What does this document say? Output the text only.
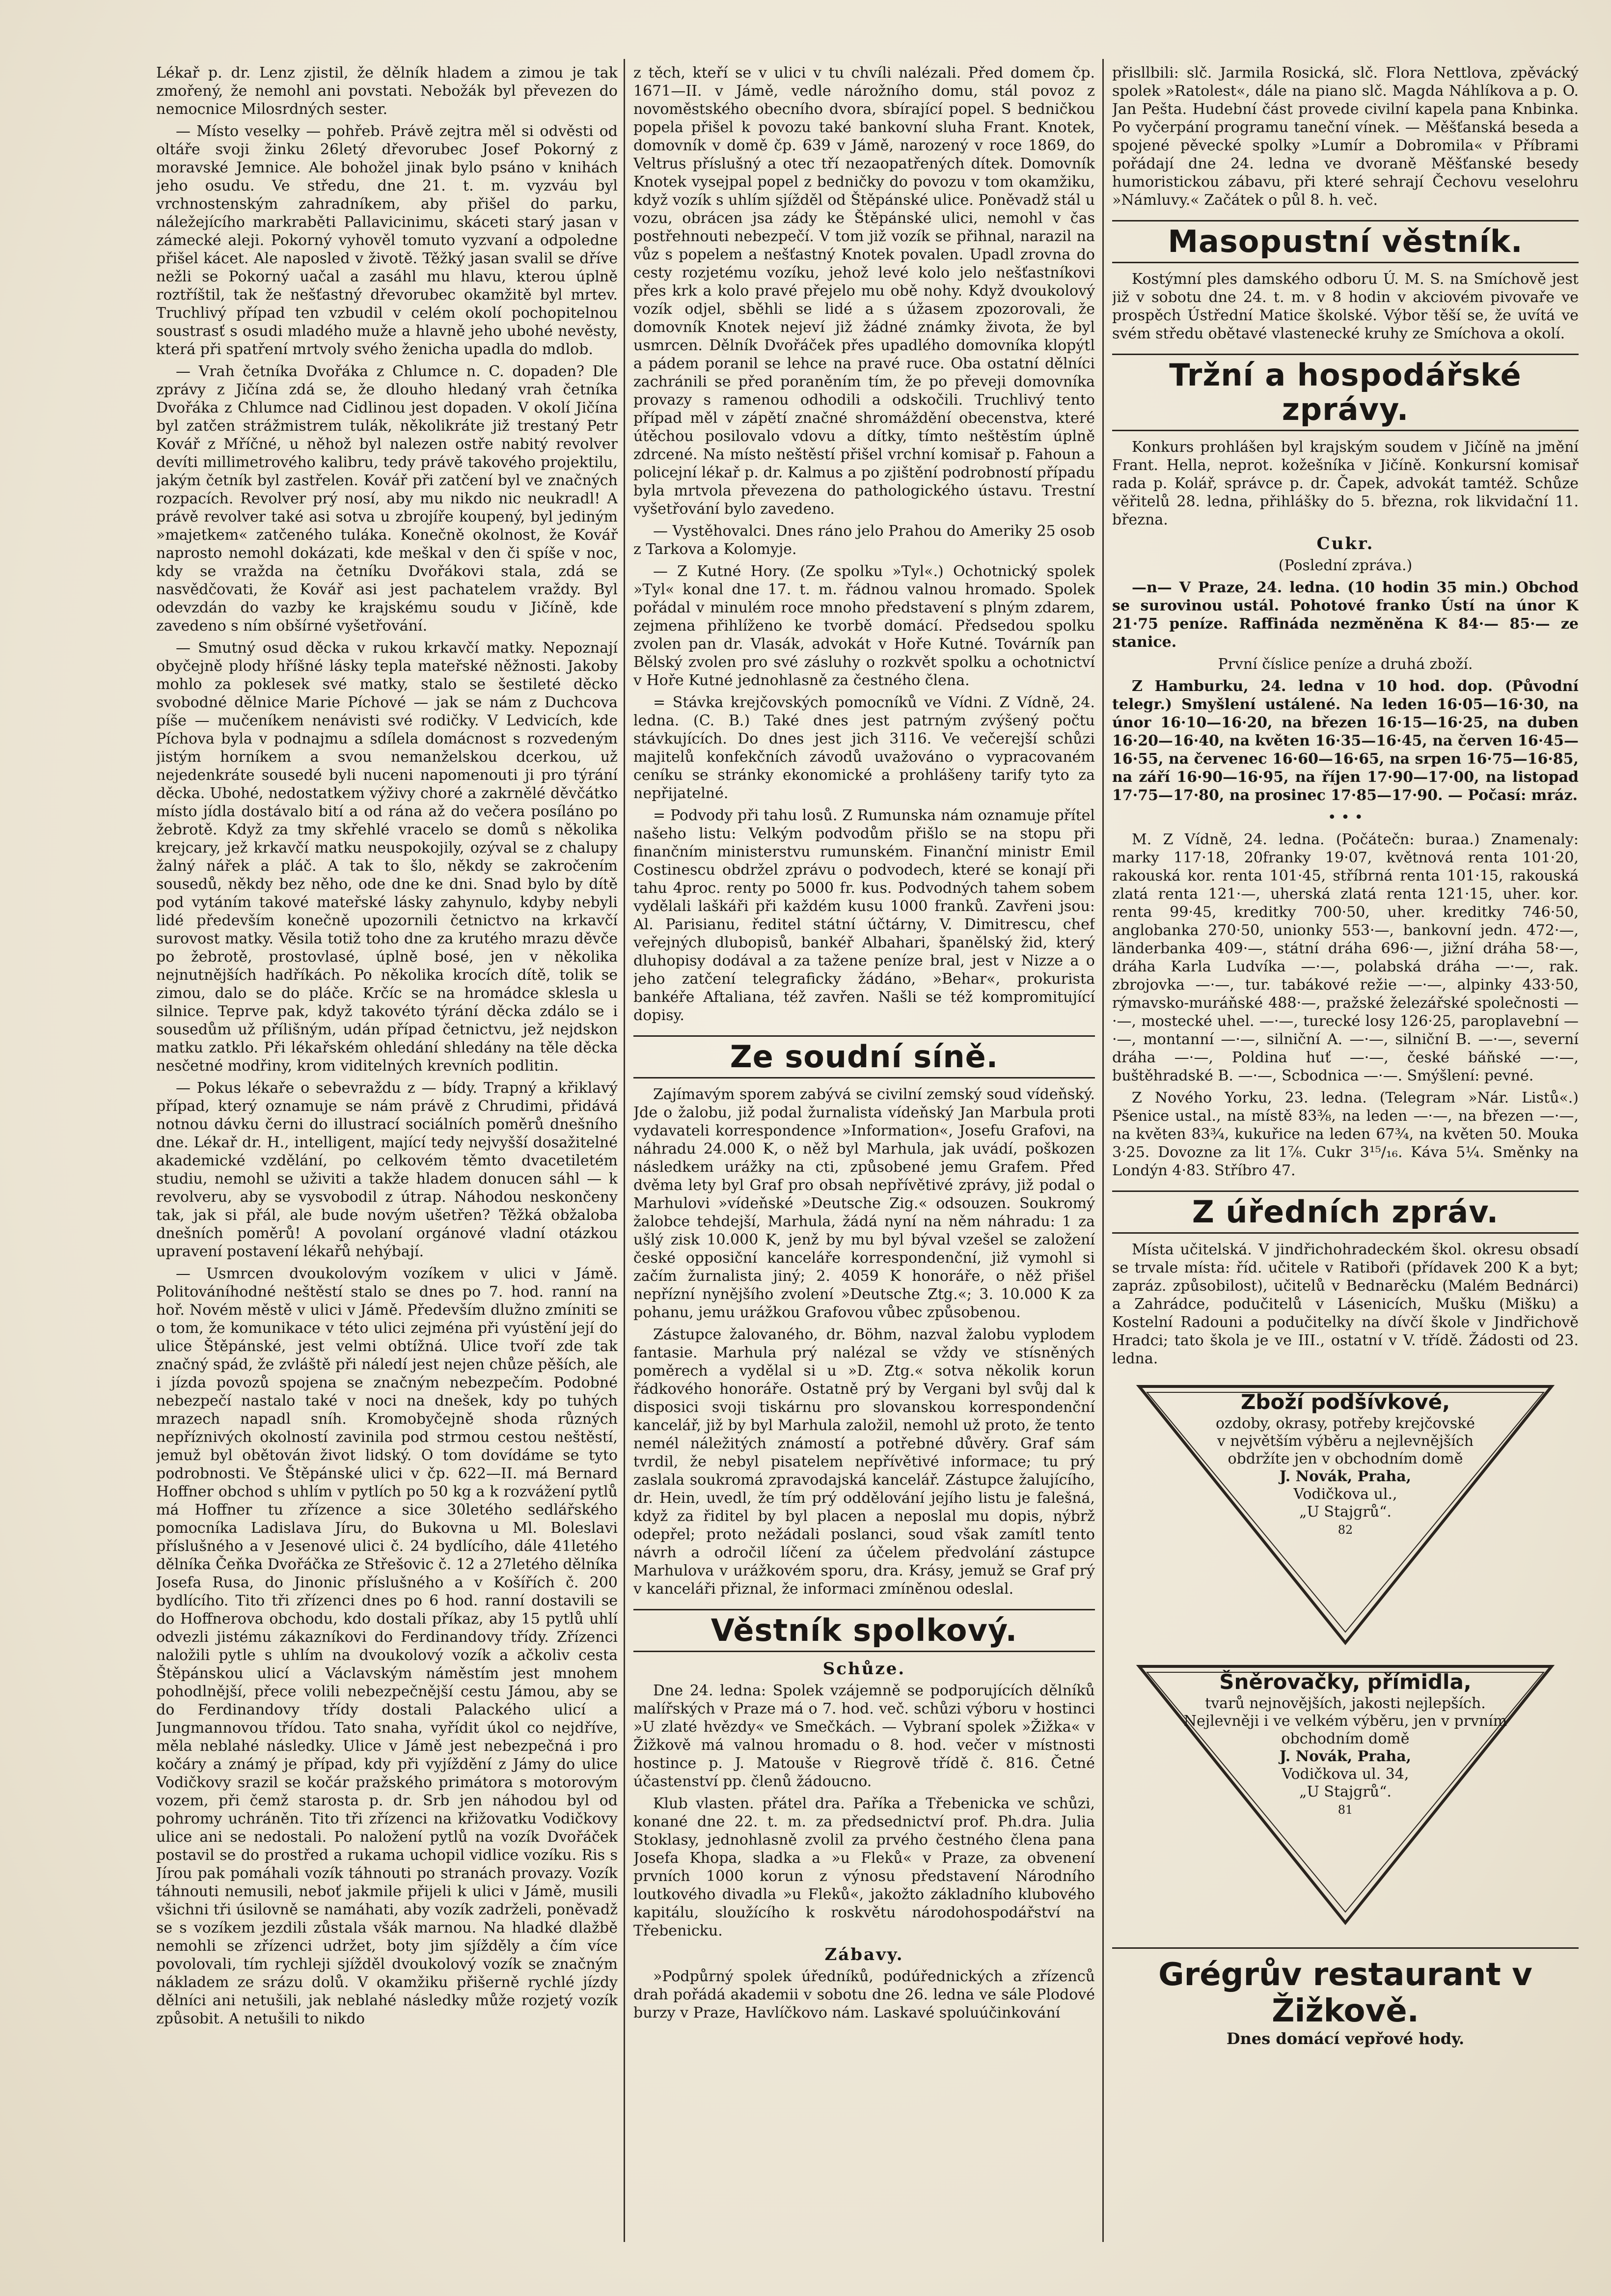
Lékař p. dr. Lenz zjistil, že dělník hladem a zimou je tak zmořený, že nemohl ani povstati. Nebožák byl převezen do nemocnice Milosrdných sester.

— Místo veselky — pohřeb. Právě zejtra měl si odvěsti od oltáře svoji žinku 26letý dřevorubec Josef Pokorný z moravské Jemnice. Ale bohožel jinak bylo psáno v knihách jeho osudu. Ve středu, dne 21. t. m. vyzváu byl vrchnostenským zahradníkem, aby přišel do parku, náležejícího markraběti Pallavicinimu, skáceti starý jasan v zámecké aleji. Pokorný vyhověl tomuto vyzvaní a odpoledne přišel kácet. Ale naposled v životě. Těžký jasan svalil se dříve nežli se Pokorný uačal a zasáhl mu hlavu, kterou úplně roztříštil, tak že nešťastný dřevorubec okamžitě byl mrtev. Truchlivý případ ten vzbudil v celém okolí pochopitelnou soustrasť s osudi mladého muže a hlavně jeho ubohé nevěsty, která při spatření mrtvoly svého ženicha upadla do mdlob.

— Vrah četníka Dvořáka z Chlumce n. C. dopaden? Dle zprávy z Jičína zdá se, že dlouho hledaný vrah četníka Dvořáka z Chlumce nad Cidlinou jest dopaden. V okolí Jičína byl zatčen strážmistrem tulák, několikráte již trestaný Petr Kovář z Mříčné, u něhož byl nalezen ostře nabitý revolver devíti millimetrového kalibru, tedy právě takového projektilu, jakým četník byl zastřelen. Kovář při zatčení byl ve značných rozpacích. Revolver prý nosí, aby mu nikdo nic neukradl! A právě revolver také asi sotva u zbrojíře koupený, byl jediným »majetkem« zatčeného tuláka. Konečně okolnost, že Kovář naprosto nemohl dokázati, kde meškal v den či spíše v noc, kdy se vražda na četníku Dvořákovi stala, zdá se nasvědčovati, že Kovář asi jest pachatelem vraždy. Byl odevzdán do vazby ke krajskému soudu v Jičíně, kde zavedeno s ním obšírné vyšetřování.

— Smutný osud děcka v rukou krkavčí matky. Nepoznají obyčejně plody hříšné lásky tepla mateřské něžnosti. Jakoby mohlo za poklesek své matky, stalo se šestileté děcko svobodné dělnice Marie Píchové — jak se nám z Duchcova píše — mučeníkem nenávisti své rodičky. V Ledvicích, kde Píchova byla v podnajmu a sdílela domácnost s rozvedeným jistým horníkem a svou nemanželskou dcerkou, už nejedenkráte sousedé byli nuceni napomenouti ji pro týrání děcka. Ubohé, nedostatkem výživy choré a zakrnělé děvčátko místo jídla dostávalo bití a od rána až do večera posíláno po žebrotě. Když za tmy skřehlé vracelo se domů s několika krejcary, jež krkavčí matku neuspokojily, ozýval se z chalupy žalný nářek a pláč. A tak to šlo, někdy se zakročením sousedů, někdy bez něho, ode dne ke dni. Snad bylo by dítě pod vytáním takové mateřské lásky zahynulo, kdyby nebyli lidé především konečně upozornili četnictvo na krkavčí surovost matky. Věsila totiž toho dne za krutého mrazu děvče po žebrotě, prostovlasé, úplně bosé, jen v několika nejnutnějších hadříkách. Po několika krocích dítě, tolik se zimou, dalo se do pláče. Krčíc se na hromádce sklesla u silnice. Teprve pak, když takovéto týrání děcka zdálo se i sousedům už přílišným, udán případ četnictvu, jež nejdskon matku zatklo. Při lékařském ohledání shledány na těle děcka nesčetné modřiny, krom viditelných krevních podlitin.

— Pokus lékaře o sebevraždu z — bídy. Trapný a křiklavý případ, který oznamuje se nám právě z Chrudimi, přidává notnou dávku černi do illustrací sociálních poměrů dnešního dne. Lékař dr. H., intelligent, mající tedy nejvyšší dosažitelné akademické vzdělání, po celkovém těmto dvacetiletém studiu, nemohl se uživiti a takže hladem donucen sáhl — k revolveru, aby se vysvobodil z útrap. Náhodou neskončeny tak, jak si přál, ale bude novým ušetřen? Těžká obžaloba dnešních poměrů! A povolaní orgánové vladní otázkou upravení postavení lékařů nehýbají.

— Usmrcen dvoukolovým vozíkem v ulici v Jámě. Politováníhodné neštěstí stalo se dnes po 7. hod. ranní na hoř. Novém městě v ulici v Jámě. Především dlužno zmíniti se o tom, že komunikace v této ulici zejména při vyústění její do ulice Štěpánské, jest velmi obtížná. Ulice tvoří zde tak značný spád, že zvláště při náledí jest nejen chůze pěších, ale i jízda povozů spojena se značným nebezpečím. Podobné nebezpečí nastalo také v noci na dnešek, kdy po tuhých mrazech napadl sníh. Kromobyčejně shoda různých nepříznivých okolností zavinila pod strmou cestou neštěstí, jemuž byl obětován život lidský. O tom dovídáme se tyto podrobnosti. Ve Štěpánské ulici v čp. 622—II. má Bernard Hoffner obchod s uhlím v pytlích po 50 kg a k rozvážení pytlů má Hoffner tu zřízence a sice 30letého sedlářského pomocníka Ladislava Jíru, do Bukovna u Ml. Boleslavi příslušného a v Jesenové ulici č. 24 bydlícího, dále 41letého dělníka Čeňka Dvořáčka ze Střešovic č. 12 a 27letého dělníka Josefa Rusa, do Jinonic příslušného a v Košířích č. 200 bydlícího. Tito tři zřízenci dnes po 6 hod. ranní dostavili se do Hoffnerova obchodu, kdo dostali příkaz, aby 15 pytlů uhlí odvezli jistému zákazníkovi do Ferdinandovy třídy. Zřízenci naložili pytle s uhlím na dvoukolový vozík a ačkoliv cesta Štěpánskou ulicí a Václavským náměstím jest mnohem pohodlnější, přece volili nebezpečnější cestu Jámou, aby se do Ferdinandovy třídy dostali Palackého ulicí a Jungmannovou třídou. Tato snaha, vyřídit úkol co nejdříve, měla neblahé následky. Ulice v Jámě jest nebezpečná i pro kočáry a známý je případ, kdy při vyjíždění z Jámy do ulice Vodičkovy srazil se kočár pražského primátora s motorovým vozem, při čemž starosta p. dr. Srb jen náhodou byl od pohromy uchráněn. Tito tři zřízenci na křižovatku Vodičkovy ulice ani se nedostali. Po naložení pytlů na vozík Dvořáček postavil se do prostřed a rukama uchopil vidlice vozíku. Ris s Jírou pak pomáhali vozík táhnouti po stranách provazy. Vozík táhnouti nemusili, neboť jakmile přijeli k ulici v Jámě, musili všichni tři úsilovně se namáhati, aby vozík zadrželi, poněvadž se s vozíkem jezdili zůstala všák marnou. Na hladké dlažbě nemohli se zřízenci udržet, boty jim sjížděly a čím více povolovali, tím rychleji sjížděl dvoukolový vozík se značným nákladem ze srázu dolů. V okamžiku přišerně rychlé jízdy dělníci ani netušili, jak neblahé následky může rozjetý vozík způsobit. A netušili to nikdo

z těch, kteří se v ulici v tu chvíli nalézali. Před domem čp. 1671—II. v Jámě, vedle nárožního domu, stál povoz z novoměstského obecního dvora, sbírající popel. S bedničkou popela přišel k povozu také bankovní sluha Frant. Knotek, domovník v domě čp. 639 v Jámě, narozený v roce 1869, do Veltrus příslušný a otec tří nezaopatřených dítek. Domovník Knotek vysejpal popel z bedničky do povozu v tom okamžiku, když vozík s uhlím sjížděl od Štěpánské ulice. Poněvadž stál u vozu, obrácen jsa zády ke Štěpánské ulici, nemohl v čas postřehnouti nebezpečí. V tom již vozík se přihnal, narazil na vůz s popelem a nešťastný Knotek povalen. Upadl zrovna do cesty rozjetému vozíku, jehož levé kolo jelo nešťastníkovi přes krk a kolo pravé přejelo mu obě nohy. Když dvoukolový vozík odjel, sběhli se lidé a s úžasem zpozorovali, že domovník Knotek nejeví již žádné známky života, že byl usmrcen. Dělník Dvořáček přes upadlého domovníka klopýtl a pádem poranil se lehce na pravé ruce. Oba ostatní dělníci zachránili se před poraněním tím, že po převeji domovníka provazy s ramenou odhodili a odskočili. Truchlivý tento případ měl v zápětí značné shromáždění obecenstva, které útěchou posilovalo vdovu a dítky, tímto neštěstím úplně zdrcené. Na místo neštěstí přišel vrchní komisař p. Fahoun a policejní lékař p. dr. Kalmus a po zjištění podrobností případu byla mrtvola převezena do pathologického ústavu. Trestní vyšetřování bylo zavedeno.

— Vystěhovalci. Dnes ráno jelo Prahou do Ameriky 25 osob z Tarkova a Kolomyje.

— Z Kutné Hory. (Ze spolku »Tyl«.) Ochotnický spolek »Tyl« konal dne 17. t. m. řádnou valnou hromado. Spolek pořádal v minulém roce mnoho představení s plným zdarem, zejmena přihlíženo ke tvorbě domácí. Předsedou spolku zvolen pan dr. Vlasák, advokát v Hoře Kutné. Továrník pan Bělský zvolen pro své zásluhy o rozkvět spolku a ochotnictví v Hoře Kutné jednohlasně za čestného člena.

= Stávka krejčovských pomocníků ve Vídni. Z Vídně, 24. ledna. (C. B.) Také dnes jest patrným zvýšený počtu stávkujících. Do dnes jest jich 3116. Ve večerejší schůzi majitelů konfekčních závodů uvažováno o vypracovaném ceníku se stránky ekonomické a prohlášeny tarify tyto za nepřijatelné.

= Podvody při tahu losů. Z Rumunska nám oznamuje přítel našeho listu: Velkým podvodům přišlo se na stopu při finančním ministerstvu rumunském. Finanční ministr Emil Costinescu obdržel zprávu o podvodech, které se konají při tahu 4proc. renty po 5000 fr. kus. Podvodných tahem sobem vydělali laškáři při každém kusu 1000 franků. Zavřeni jsou: Al. Parisianu, ředitel státní účtárny, V. Dimitrescu, chef veřejných dlubopisů, bankéř Albahari, španělský žid, který dluhopisy dodával a za tažene peníze bral, jest v Nizze a o jeho zatčení telegraficky žádáno, »Behar«, prokurista bankéře Aftaliana, též zavřen. Našli se též kompromitující dopisy.

Ze soudní síně.

Zajímavým sporem zabývá se civilní zemský soud vídeňský. Jde o žalobu, již podal žurnalista vídeňský Jan Marbula proti vydavateli korrespondence »Information«, Josefu Grafovi, na náhradu 24.000 K, o něž byl Marhula, jak uvádí, poškozen následkem urážky na cti, způsobené jemu Grafem. Před dvěma lety byl Graf pro obsah nepřívětivé zprávy, již podal o Marhulovi »vídeňské »Deutsche Zig.« odsouzen. Soukromý žalobce tehdejší, Marhula, žádá nyní na něm náhradu: 1 za ušlý zisk 10.000 K, jenž by mu byl býval vzešel se založení české opposiční kanceláře korrespondenční, již vymohl si začím žurnalista jiný; 2. 4059 K honoráře, o něž přišel nepřízní nynějšího zvolení »Deutsche Ztg.«; 3. 10.000 K za pohanu, jemu urážkou Grafovou vůbec způsobenou.

Zástupce žalovaného, dr. Böhm, nazval žalobu vyplodem fantasie. Marhula prý nalézal se vždy ve stísněných poměrech a vydělal si u »D. Ztg.« sotva několik korun řádkového honoráře. Ostatně prý by Vergani byl svůj dal k disposici svoji tiskárnu pro slovanskou korrespondenční kancelář, již by byl Marhula založil, nemohl už proto, že tento nemél náležitých známostí a potřebné důvěry. Graf sám tvrdil, že nebyl pisatelem nepřívětivé informace; tu prý zaslala soukromá zpravodajská kancelář. Zástupce žalujícího, dr. Hein, uvedl, že tím prý oddělování jejího listu je falešná, když za řiditel by byl placen a neposlal mu dopis, nýbrž odepřel; proto nežádali poslanci, soud však zamítl tento návrh a odročil líčení za účelem předvolání zástupce Marhulova v urážkovém sporu, dra. Krásy, jemuž se Graf prý v kanceláři přiznal, že informaci zmíněnou odeslal.

Věstník spolkový.
Schůze.

Dne 24. ledna: Spolek vzájemně se podporujících dělníků malířských v Praze má o 7. hod. več. schůzi výboru v hostinci »U zlaté hvězdy« ve Smečkách. — Vybraní spolek »Žižka« v Žižkově má valnou hromadu o 8. hod. večer v místnosti hostince p. J. Matouše v Riegrově třídě č. 816. Četné účastenství pp. členů žádoucno.

Klub vlasten. přátel dra. Paříka a Třebenicka ve schůzi, konané dne 22. t. m. za předsednictví prof. Ph.dra. Julia Stoklasy, jednohlasně zvolil za prvého čestného člena pana Josefa Khopa, sladka a »u Fleků« v Praze, za obvenení prvních 1000 korun z výnosu představení Národního loutkového divadla »u Fleků«, jakožto základního klubového kapitálu, sloužícího k roskvětu národohospodářství na Třebenicku.

Zábavy.

»Podpůrný spolek úředníků, podúřednických a zřízenců drah pořádá akademii v sobotu dne 26. ledna ve sále Plodové burzy v Praze, Havlíčkovo nám. Laskavé spoluúčinkování

přisllbili: slč. Jarmila Rosická, slč. Flora Nettlova, zpěvácký spolek »Ratolest«, dále na piano slč. Magda Náhlíkova a p. O. Jan Pešta. Hudební část provede civilní kapela pana Knbinka. Po vyčerpání programu taneční vínek. — Měšťanská beseda a spojené pěvecké spolky »Lumír a Dobromila« v Příbrami pořádají dne 24. ledna ve dvoraně Měšťanské besedy humoristickou zábavu, při které sehrají Čechovu veselohru »Námluvy.« Začátek o půl 8. h. več.

Masopustní věstník.

Kostýmní ples damského odboru Ú. M. S. na Smíchově jest již v sobotu dne 24. t. m. v 8 hodin v akciovém pivovaře ve prospěch Ústřední Matice školské. Výbor těší se, že uvítá ve svém středu obětavé vlastenecké kruhy ze Smíchova a okolí.

Tržní a hospodářské zprávy.

Konkurs prohlášen byl krajským soudem v Jičíně na jmění Frant. Hella, neprot. kožešníka v Jičíně. Konkursní komisař rada p. Kolář, správce p. dr. Čapek, advokát tamtéž. Schůze věřitelů 28. ledna, přihlášky do 5. března, rok likvidační 11. března.

Cukr.

(Poslední zpráva.)

—n— V Praze, 24. ledna. (10 hodin 35 min.) Obchod se surovinou ustál. Pohotové franko Ústí na únor K 21·75 peníze. Raffináda nezměněna K 84·— 85·— ze stanice.

První číslice peníze a druhá zboží.

Z Hamburku, 24. ledna v 10 hod. dop. (Původní telegr.) Smyšlení ustálené. Na leden 16·05—16·30, na únor 16·10—16·20, na březen 16·15—16·25, na duben 16·20—16·40, na květen 16·35—16·45, na červen 16·45—16·55, na červenec 16·60—16·65, na srpen 16·75—16·85, na září 16·90—16·95, na říjen 17·90—17·00, na listopad 17·75—17·80, na prosinec 17·85—17·90. — Počasí: mráz.

• • •

M. Z Vídně, 24. ledna. (Počátečn: buraa.) Znamenaly: marky 117·18, 20franky 19·07, květnová renta 101·20, rakouská kor. renta 101·45, stříbrná renta 101·15, rakouská zlatá renta 121·—, uherská zlatá renta 121·15, uher. kor. renta 99·45, kreditky 700·50, uher. kreditky 746·50, anglobanka 270·50, unionky 553·—, bankovní jedn. 472·—, länderbanka 409·—, státní dráha 696·—, jižní dráha 58·—, dráha Karla Ludvíka —·—, polabská dráha —·—, rak. zbrojovka —·—, tur. tabákové režie —·—, alpinky 433·50, rýmavsko-muráňské 488·—, pražské železářské společnosti —·—, mostecké uhel. —·—, turecké losy 126·25, paroplavební —·—, montanní —·—, silniční A. —·—, silniční B. —·—, severní dráha —·—, Poldina huť —·—, české báňské —·—, buštěhradské B. —·—, Scbodnica —·—. Smýšlení: pevné.

Z Nového Yorku, 23. ledna. (Telegram »Nár. Listů«.) Pšenice ustal., na místě 83⅜, na leden —·—, na březen —·—, na květen 83¾, kukuřice na leden 67¾, na květen 50. Mouka 3·25. Dovozne za lit 1⅞. Cukr 3¹⁵/₁₆. Káva 5¼. Směnky na Londýn 4·83. Stříbro 47.

Z úředních zpráv.

Místa učitelská. V jindřichohradeckém škol. okresu obsadí se trvale místa: říd. učitele v Ratiboři (přídavek 200 K a byt; zapráz. způsobilost), učitelů v Bednarěcku (Malém Bednárci) a Zahrádce, podučitelů v Lásenicích, Mušku (Mišku) a Kostelní Radouni a podučitelky na dívčí škole v Jindřichově Hradci; tato škola je ve III., ostatní v V. třídě. Žádosti od 23. ledna.

Zboží podšívkové,
ozdoby, okrasy, potřeby krejčovské
v největším výběru a nejlevnějších obdržíte jen v obchodním domě
J. Novák, Praha,
Vodičkova ul.,
„U Stajgrů“.
82
Šněrovačky, přímidla,
tvarů nejnovějších, jakosti nejlepších. Nejlevněji i ve velkém výběru, jen v prvním obchodním domě
J. Novák, Praha,
Vodičkova ul. 34,
„U Stajgrů“.
81
Grégrův restaurant v Žižkově.
Dnes domácí vepřové hody.
